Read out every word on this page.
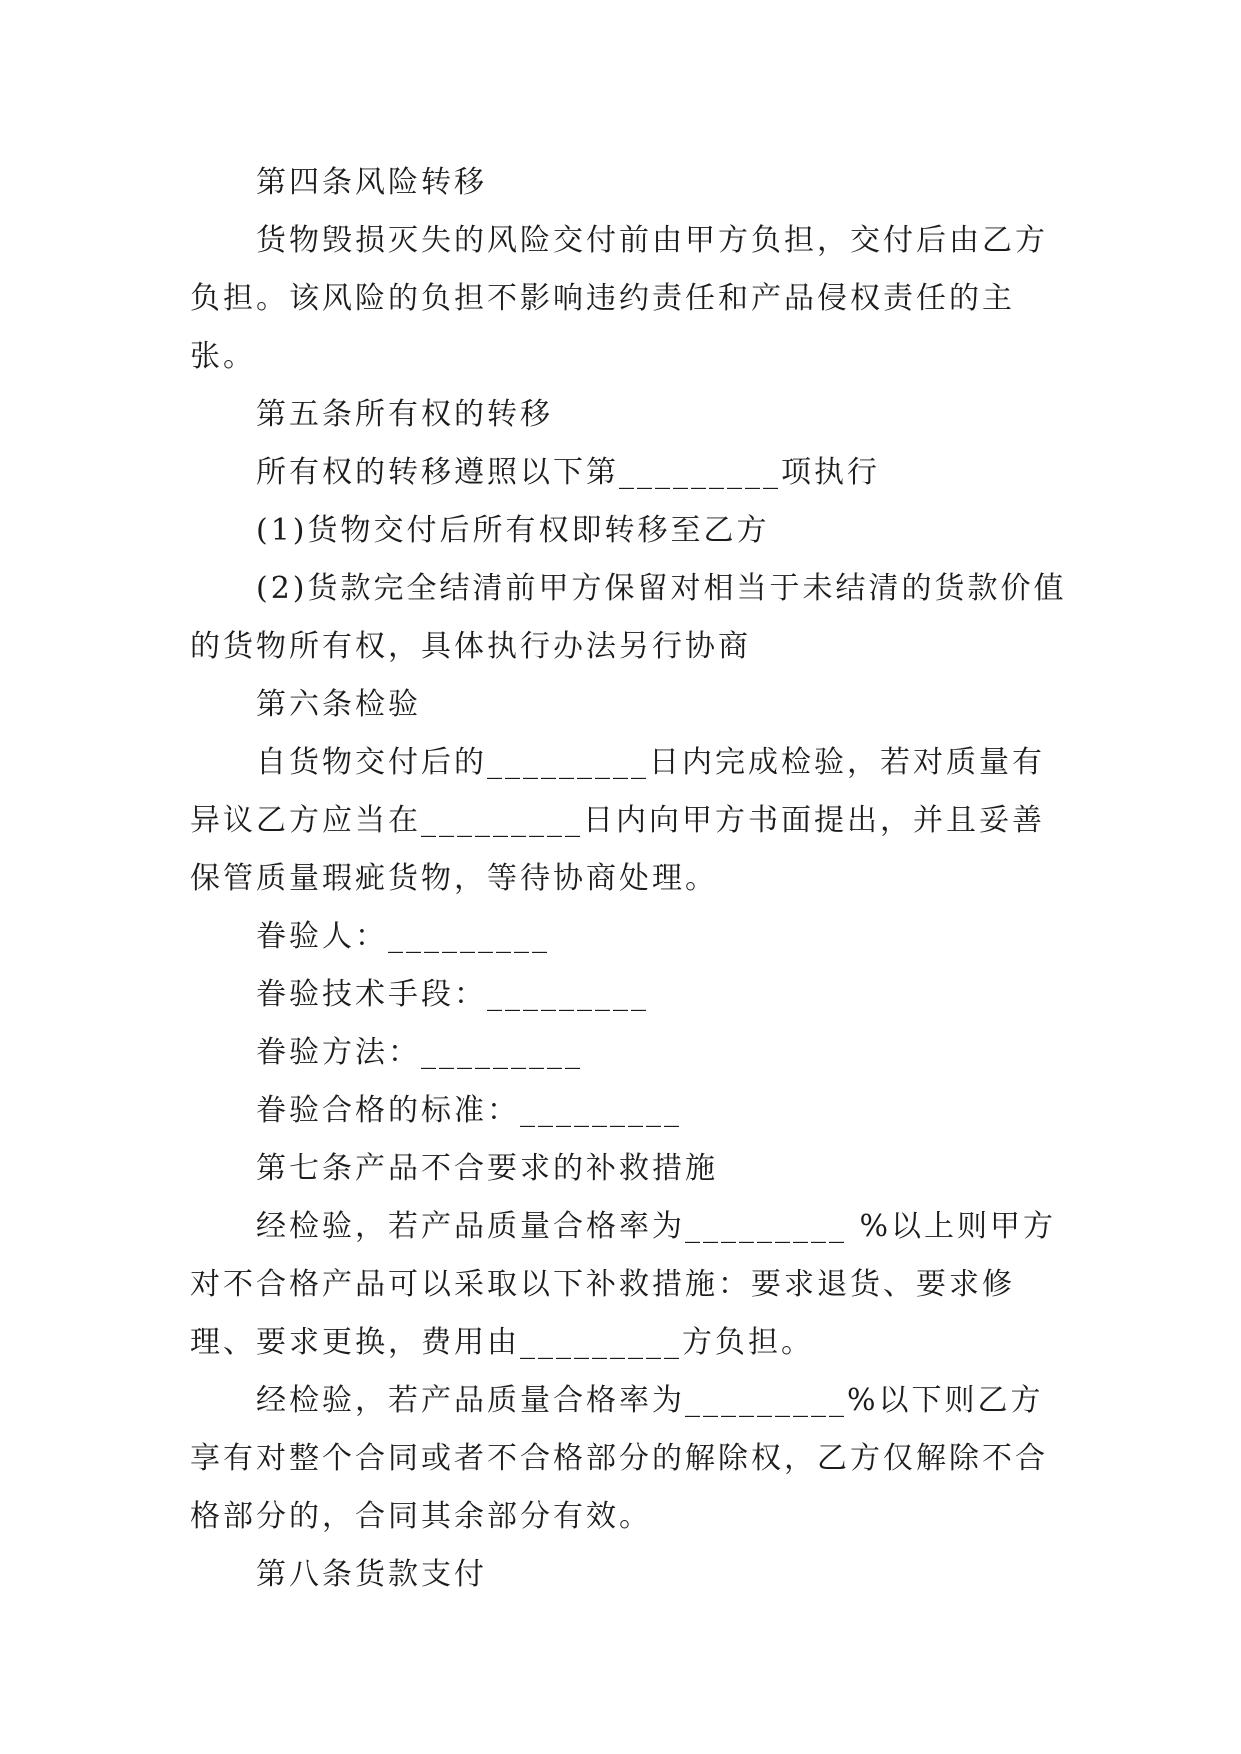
第四条风险转移

货物毁损灭失的风险交付前由甲方负担，交付后由乙方负担。该风险的负担不影响违约责任和产品侵权责任的主张。

第五条所有权的转移

所有权的转移遵照以下第_________项执行

(1)货物交付后所有权即转移至乙方

(2)货款完全结清前甲方保留对相当于未结清的货款价值的货物所有权，具体执行办法另行协商

第六条检验

自货物交付后的_________日内完成检验，若对质量有异议乙方应当在_________日内向甲方书面提出，并且妥善保管质量瑕疵货物，等待协商处理。

眷验人：_________

眷验技术手段：_________

眷验方法：_________

眷验合格的标准：_________

第七条产品不合要求的补救措施

经检验，若产品质量合格率为_________ %以上则甲方对不合格产品可以采取以下补救措施：要求退货、要求修理、要求更换，费用由_________方负担。

经检验，若产品质量合格率为_________%以下则乙方享有对整个合同或者不合格部分的解除权，乙方仅解除不合格部分的，合同其余部分有效。

第八条货款支付
